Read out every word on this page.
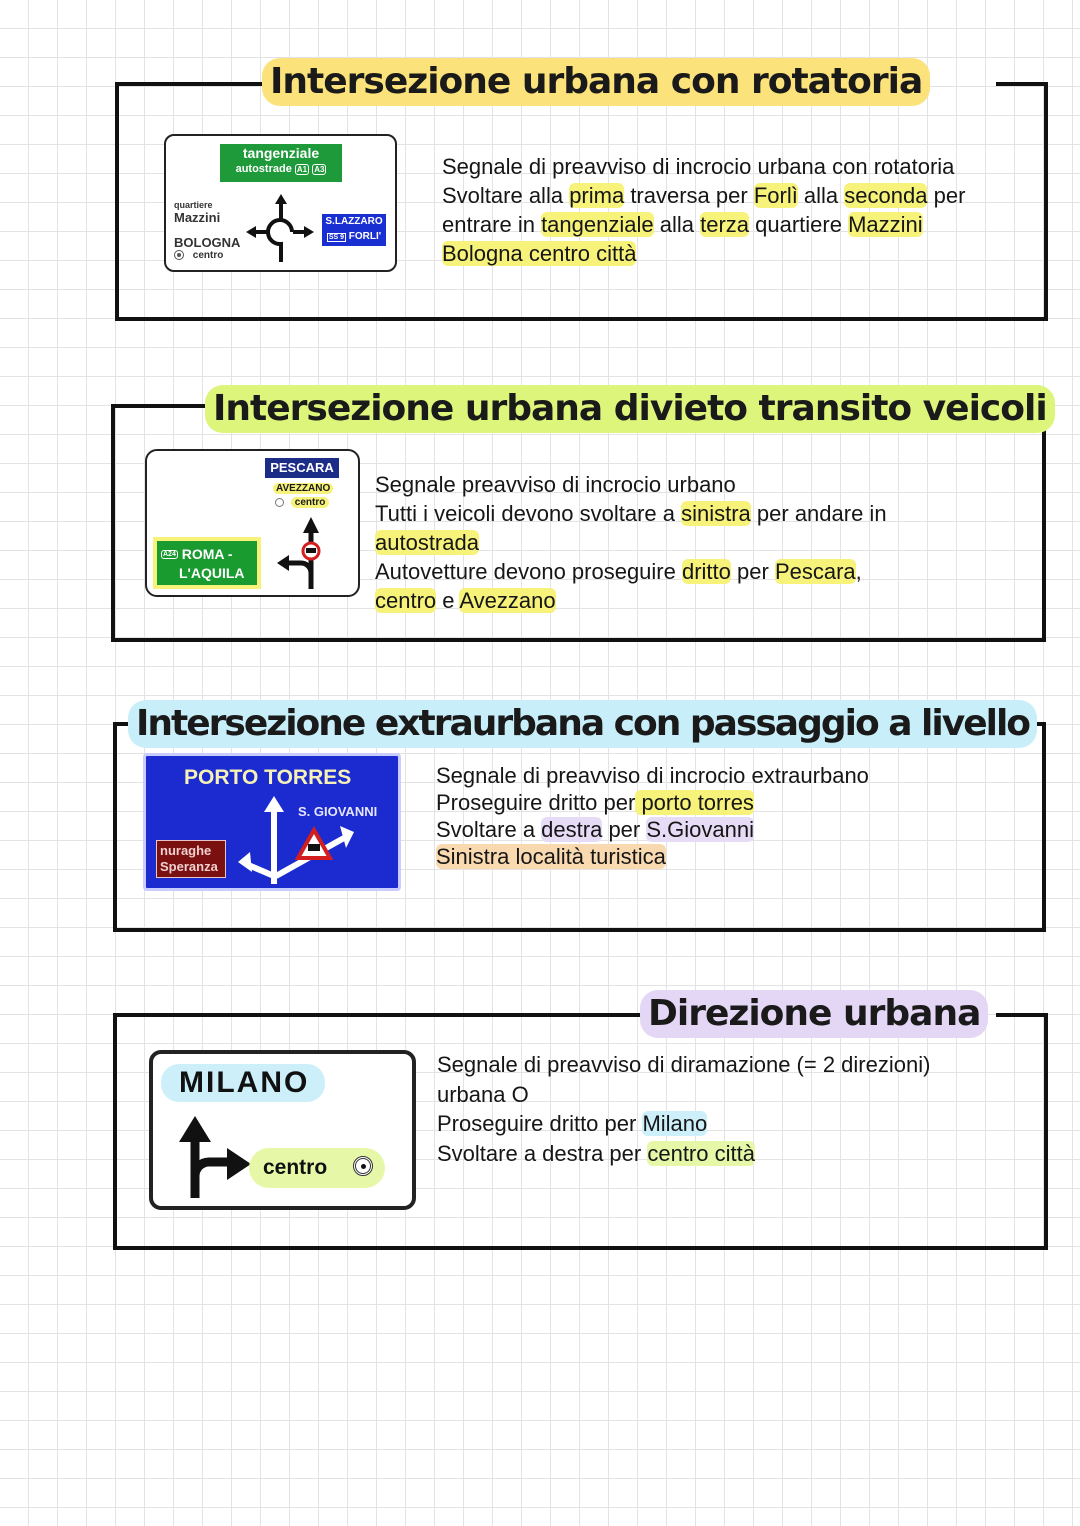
Intersezione urbana con rotatoria
tangenziale
autostrade A1 A3
quartiere
Mazzini
BOLOGNA
centro
S.LAZZARO
SS 9 FORLI'
Segnale di preavviso di incrocio urbana con rotatoria
Svoltare alla prima traversa per Forlì alla seconda per
entrare in tangenziale alla terza quartiere Mazzini
Bologna centro città
Intersezione urbana divieto transito veicoli
PESCARA
AVEZZANO
centro
A24 ROMA -
L'AQUILA
Segnale preavviso di incrocio urbano
Tutti i veicoli devono svoltare a sinistra per andare in
autostrada
Autovetture devono proseguire dritto per Pescara,
centro e Avezzano
Intersezione extraurbana con passaggio a livello
PORTO TORRES
S. GIOVANNI
nuraghe
Speranza
Segnale di preavviso di incrocio extraurbano
Proseguire dritto per porto torres
Svoltare a destra per S.Giovanni
Sinistra località turistica
Direzione urbana
MILANO
centro
Segnale di preavviso di diramazione (= 2 direzioni)
urbana O
Proseguire dritto per Milano
Svoltare a destra per centro città
